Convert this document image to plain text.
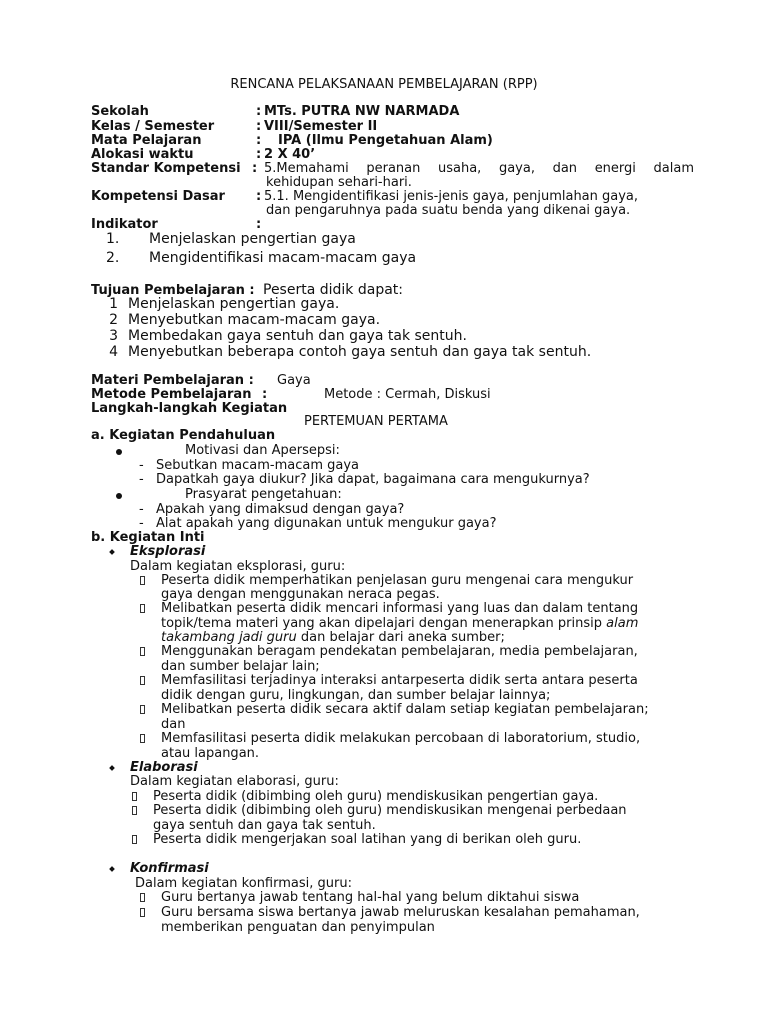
RENCANA PELAKSANAAN PEMBELAJARAN (RPP)
Sekolah	: MTs. PUTRA NW NARMADA
Kelas / Semester	: VIII/Semester II
Mata Pelajaran	: IPA (Ilmu Pengetahuan Alam)
Alokasi waktu	: 2 X 40’
Standar Kompetensi : 5.Memahami peranan usaha, gaya, dan energi dalam
kehidupan sehari-hari.
Kompetensi Dasar : 5.1. Mengidentifikasi jenis-jenis gaya, penjumlahan gaya,
dan pengaruhnya pada suatu benda yang dikenai gaya.
Indikator	:
1. Menjelaskan pengertian gaya
2. Mengidentifikasi macam-macam gaya
Tujuan Pembelajaran : Peserta didik dapat:
1 Menjelaskan pengertian gaya.
2 Menyebutkan macam-macam gaya.
3 Membedakan gaya sentuh dan gaya tak sentuh.
4 Menyebutkan beberapa contoh gaya sentuh dan gaya tak sentuh.
Materi Pembelajaran : Gaya
Metode Pembelajaran :	Metode : Cermah, Diskusi
Langkah-langkah Kegiatan
PERTEMUAN PERTAMA
a. Kegiatan Pendahuluan
Motivasi dan Apersepsi:
- Sebutkan macam-macam gaya
- Dapatkah gaya diukur? Jika dapat, bagaimana cara mengukurnya?
Prasyarat pengetahuan:
- Apakah yang dimaksud dengan gaya?
- Alat apakah yang digunakan untuk mengukur gaya?
b. Kegiatan Inti
Eksplorasi
Dalam kegiatan eksplorasi, guru:
Peserta didik memperhatikan penjelasan guru mengenai cara mengukur
gaya dengan menggunakan neraca pegas.
Melibatkan peserta didik mencari informasi yang luas dan dalam tentang
topik/tema materi yang akan dipelajari dengan menerapkan prinsip alam
takambang jadi guru dan belajar dari aneka sumber;
Menggunakan beragam pendekatan pembelajaran, media pembelajaran,
dan sumber belajar lain;
Memfasilitasi terjadinya interaksi antarpeserta didik serta antara peserta
didik dengan guru, lingkungan, dan sumber belajar lainnya;
Melibatkan peserta didik secara aktif dalam setiap kegiatan pembelajaran;
dan
Memfasilitasi peserta didik melakukan percobaan di laboratorium, studio,
atau lapangan.
Elaborasi
Dalam kegiatan elaborasi, guru:
Peserta didik (dibimbing oleh guru) mendiskusikan pengertian gaya.
Peserta didik (dibimbing oleh guru) mendiskusikan mengenai perbedaan
gaya sentuh dan gaya tak sentuh.
Peserta didik mengerjakan soal latihan yang di berikan oleh guru.
Konfirmasi
Dalam kegiatan konfirmasi, guru:
Guru bertanya jawab tentang hal-hal yang belum diktahui siswa
Guru bersama siswa bertanya jawab meluruskan kesalahan pemahaman,
memberikan penguatan dan penyimpulan
